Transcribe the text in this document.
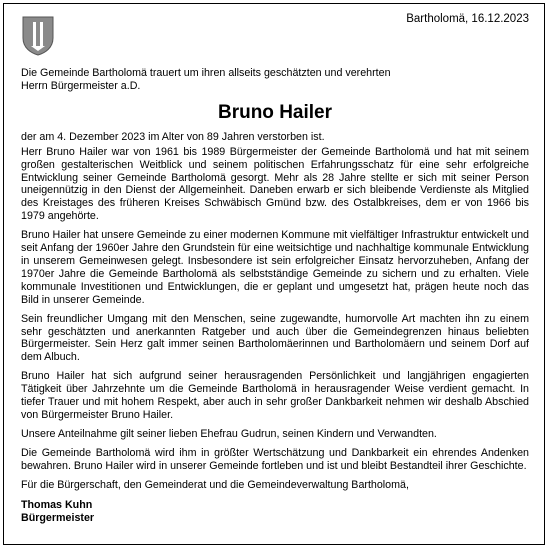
Bartholomä, 16.12.2023
Die Gemeinde Bartholomä trauert um ihren allseits geschätzten und verehrten
Herrn Bürgermeister a.D.
Bruno Hailer

der am 4. Dezember 2023 im Alter von 89 Jahren verstorben ist.

Herr Bruno Hailer war von 1961 bis 1989 Bürgermeister der Gemeinde Bartholomä und hat mit seinem großen gestalterischen Weitblick und seinem politischen Erfahrungsschatz für eine sehr erfolgreiche Entwicklung seiner Gemeinde Bartholomä gesorgt. Mehr als 28 Jahre stellte er sich mit seiner Person uneigennützig in den Dienst der Allgemeinheit. Daneben erwarb er sich bleibende Verdienste als Mitglied des Kreistages des früheren Kreises Schwäbisch Gmünd bzw. des Ostalbkreises, dem er von 1966 bis 1979 angehörte.

Bruno Hailer hat unsere Gemeinde zu einer modernen Kommune mit vielfältiger Infrastruktur entwickelt und seit Anfang der 1960er Jahre den Grundstein für eine weitsichtige und nachhaltige kommunale Entwicklung in unserem Gemeinwesen gelegt. Insbesondere ist sein erfolgreicher Einsatz hervorzuheben, Anfang der 1970er Jahre die Gemeinde Bartholomä als selbstständige Gemeinde zu sichern und zu erhalten. Viele kommunale Investitionen und Entwicklungen, die er geplant und umgesetzt hat, prägen heute noch das Bild in unserer Gemeinde.

Sein freundlicher Umgang mit den Menschen, seine zugewandte, humorvolle Art machten ihn zu einem sehr geschätzten und anerkannten Ratgeber und auch über die Gemeindegrenzen hinaus beliebten Bürgermeister. Sein Herz galt immer seinen Bartholomäerinnen und Bartholomäern und seinem Dorf auf dem Albuch.

Bruno Hailer hat sich aufgrund seiner herausragenden Persönlichkeit und langjährigen engagierten Tätigkeit über Jahrzehnte um die Gemeinde Bartholomä in herausragender Weise verdient gemacht. In tiefer Trauer und mit hohem Respekt, aber auch in sehr großer Dankbarkeit nehmen wir deshalb Abschied von Bürgermeister Bruno Hailer.

Unsere Anteilnahme gilt seiner lieben Ehefrau Gudrun, seinen Kindern und Verwandten.

Die Gemeinde Bartholomä wird ihm in größter Wertschätzung und Dankbarkeit ein ehrendes Andenken bewahren. Bruno Hailer wird in unserer Gemeinde fortleben und ist und bleibt Bestandteil ihrer Geschichte.

Für die Bürgerschaft, den Gemeinderat und die Gemeindeverwaltung Bartholomä,

Thomas Kuhn
Bürgermeister
